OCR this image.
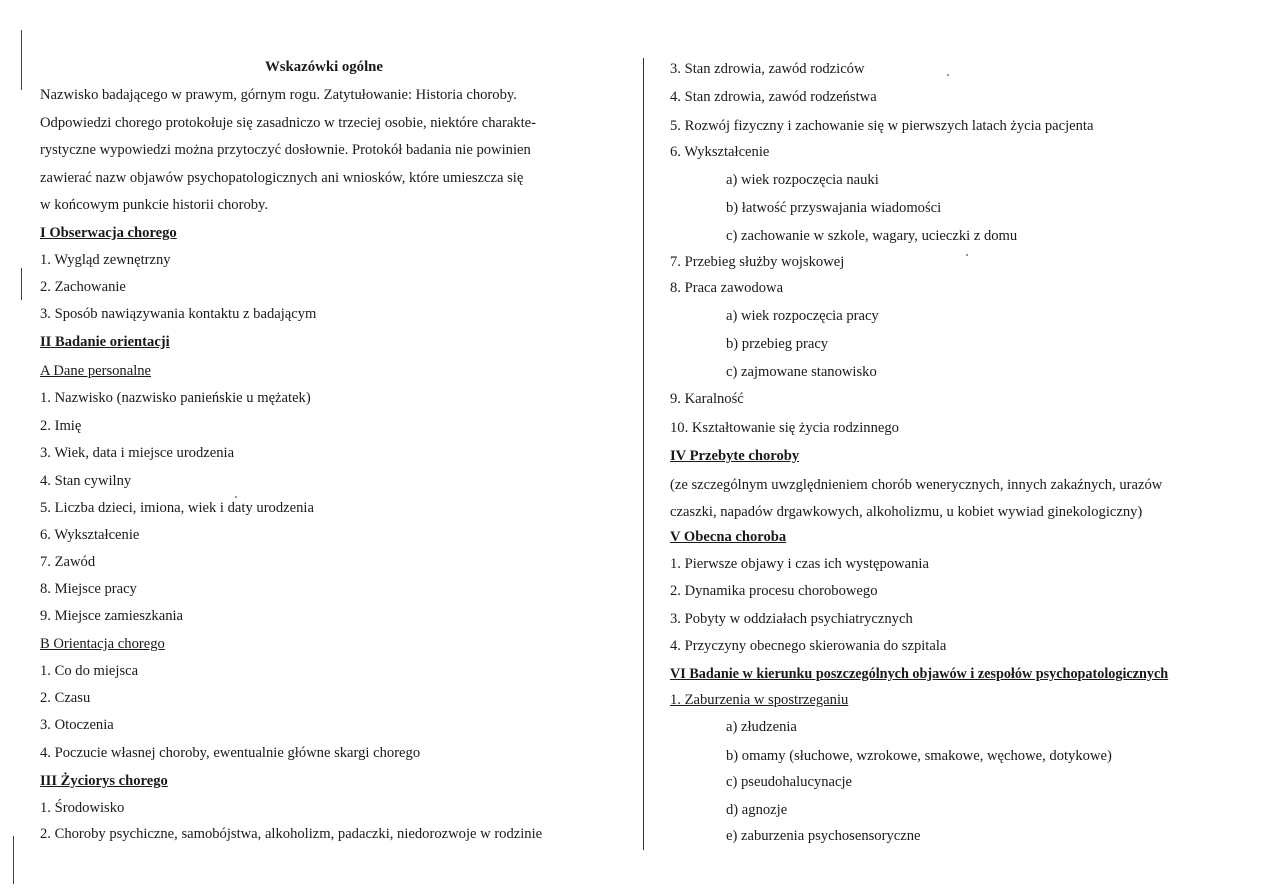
Wskazówki ogólne
Nazwisko badającego w prawym, górnym rogu. Zatytułowanie: Historia choroby.
Odpowiedzi chorego protokołuje się zasadniczo w trzeciej osobie, niektóre charakte-
rystyczne wypowiedzi można przytoczyć dosłownie. Protokół badania nie powinien
zawierać nazw objawów psychopatologicznych ani wniosków, które umieszcza się
w końcowym punkcie historii choroby.
I Obserwacja chorego
1. Wygląd zewnętrzny
2. Zachowanie
3. Sposób nawiązywania kontaktu z badającym
II Badanie orientacji
A Dane personalne
1. Nazwisko (nazwisko panieńskie u mężatek)
2. Imię
3. Wiek, data i miejsce urodzenia
4. Stan cywilny
5. Liczba dzieci, imiona, wiek i daty urodzenia
6. Wykształcenie
7. Zawód
8. Miejsce pracy
9. Miejsce zamieszkania
B Orientacja chorego
1. Co do miejsca
2. Czasu
3. Otoczenia
4. Poczucie własnej choroby, ewentualnie główne skargi chorego
III Życiorys chorego
1. Środowisko
2. Choroby psychiczne, samobójstwa, alkoholizm, padaczki, niedorozwoje w rodzinie
3. Stan zdrowia, zawód rodziców
4. Stan zdrowia, zawód rodzeństwa
5. Rozwój fizyczny i zachowanie się w pierwszych latach życia pacjenta
6. Wykształcenie
a) wiek rozpoczęcia nauki
b) łatwość przyswajania wiadomości
c) zachowanie w szkole, wagary, ucieczki z domu
7. Przebieg służby wojskowej
8. Praca zawodowa
a) wiek rozpoczęcia pracy
b) przebieg pracy
c) zajmowane stanowisko
9. Karalność
10. Kształtowanie się życia rodzinnego
IV Przebyte choroby
(ze szczególnym uwzględnieniem chorób wenerycznych, innych zakaźnych, urazów
czaszki, napadów drgawkowych, alkoholizmu, u kobiet wywiad ginekologiczny)
V Obecna choroba
1. Pierwsze objawy i czas ich występowania
2. Dynamika procesu chorobowego
3. Pobyty w oddziałach psychiatrycznych
4. Przyczyny obecnego skierowania do szpitala
VI Badanie w kierunku poszczególnych objawów i zespołów psychopatologicznych
1. Zaburzenia w spostrzeganiu
a) złudzenia
b) omamy (słuchowe, wzrokowe, smakowe, węchowe, dotykowe)
c) pseudohalucynacje
d) agnozje
e) zaburzenia psychosensoryczne
